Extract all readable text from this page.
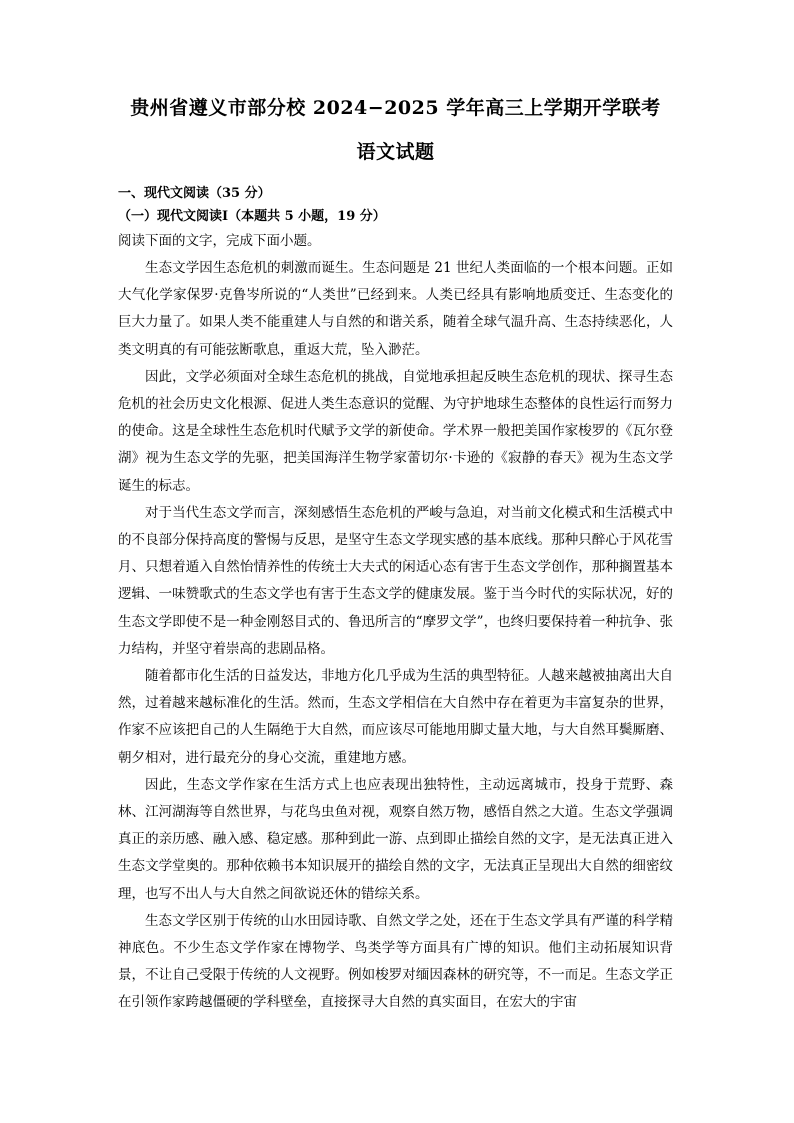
贵州省遵义市部分校 2024−2025 学年高三上学期开学联考
语文试题

一、现代文阅读（35 分）

（一）现代文阅读Ⅰ（本题共 5 小题，19 分）

阅读下面的文字，完成下面小题。

生态文学因生态危机的刺激而诞生。生态问题是 21 世纪人类面临的一个根本问题。正如大气化学家保罗·克鲁岑所说的“人类世”已经到来。人类已经具有影响地质变迁、生态变化的巨大力量了。如果人类不能重建人与自然的和谐关系，随着全球气温升高、生态持续恶化，人类文明真的有可能弦断歌息，重返大荒，坠入渺茫。

因此，文学必须面对全球生态危机的挑战，自觉地承担起反映生态危机的现状、探寻生态危机的社会历史文化根源、促进人类生态意识的觉醒、为守护地球生态整体的良性运行而努力的使命。这是全球性生态危机时代赋予文学的新使命。学术界一般把美国作家梭罗的《瓦尔登湖》视为生态文学的先驱，把美国海洋生物学家蕾切尔·卡逊的《寂静的春天》视为生态文学诞生的标志。

对于当代生态文学而言，深刻感悟生态危机的严峻与急迫，对当前文化模式和生活模式中的不良部分保持高度的警惕与反思，是坚守生态文学现实感的基本底线。那种只醉心于风花雪月、只想着遁入自然怡情养性的传统士大夫式的闲适心态有害于生态文学创作，那种搁置基本逻辑、一味赞歌式的生态文学也有害于生态文学的健康发展。鉴于当今时代的实际状况，好的生态文学即使不是一种金刚怒目式的、鲁迅所言的“摩罗文学”，也终归要保持着一种抗争、张力结构，并坚守着崇高的悲剧品格。

随着都市化生活的日益发达，非地方化几乎成为生活的典型特征。人越来越被抽离出大自然，过着越来越标准化的生活。然而，生态文学相信在大自然中存在着更为丰富复杂的世界，作家不应该把自己的人生隔绝于大自然，而应该尽可能地用脚丈量大地，与大自然耳鬓厮磨、朝夕相对，进行最充分的身心交流，重建地方感。

因此，生态文学作家在生活方式上也应表现出独特性，主动远离城市，投身于荒野、森林、江河湖海等自然世界，与花鸟虫鱼对视，观察自然万物，感悟自然之大道。生态文学强调真正的亲历感、融入感、稳定感。那种到此一游、点到即止描绘自然的文字，是无法真正进入生态文学堂奥的。那种依赖书本知识展开的描绘自然的文字，无法真正呈现出大自然的细密纹理，也写不出人与大自然之间欲说还休的错综关系。

生态文学区别于传统的山水田园诗歌、自然文学之处，还在于生态文学具有严谨的科学精神底色。不少生态文学作家在博物学、鸟类学等方面具有广博的知识。他们主动拓展知识背景，不让自己受限于传统的人文视野。例如梭罗对缅因森林的研究等，不一而足。生态文学正在引领作家跨越僵硬的学科壁垒，直接探寻大自然的真实面目，在宏大的宇宙
